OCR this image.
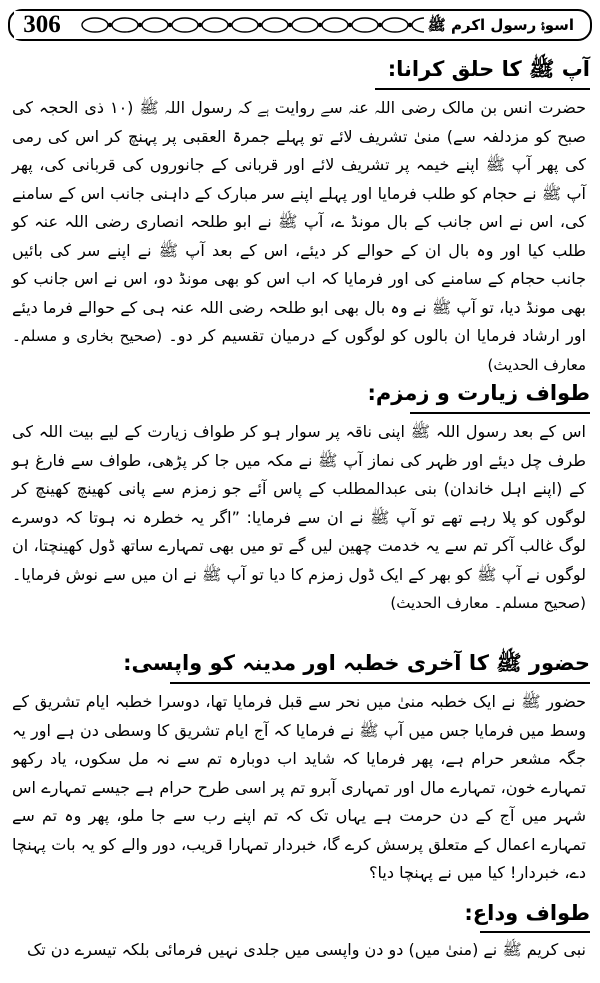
306	اسوۂ رسول اکرم ﷺ
آپ ﷺ کا حلق کرانا:
حضرت انس بن مالک رضی اللہ عنہ سے روایت ہے کہ رسول اللہ ﷺ (۱۰ ذی الحجہ کی صبح کو مزدلفہ سے) منیٰ تشریف لائے تو پہلے جمرۃ العقبی پر پہنچ کر اس کی رمی کی پھر آپ ﷺ اپنے خیمہ پر تشریف لائے اور قربانی کے جانوروں کی قربانی کی، پھر آپ ﷺ نے حجام کو طلب فرمایا اور پہلے اپنے سر مبارک کے داہنی جانب اس کے سامنے کی، اس نے اس جانب کے بال مونڈ ے، آپ ﷺ نے ابو طلحہ انصاری رضی اللہ عنہ کو طلب کیا اور وہ بال ان کے حوالے کر دیئے، اس کے بعد آپ ﷺ نے اپنے سر کی بائیں جانب حجام کے سامنے کی اور فرمایا کہ اب اس کو بھی مونڈ دو، اس نے اس جانب کو بھی مونڈ دیا، تو آپ ﷺ نے وہ بال بھی ابو طلحہ رضی اللہ عنہ ہی کے حوالے فرما دیئے اور ارشاد فرمایا ان بالوں کو لوگوں کے درمیان تقسیم کر دو۔ (صحیح بخاری و مسلم۔ معارف الحدیث)
طواف زیارت و زمزم:
اس کے بعد رسول اللہ ﷺ اپنی ناقہ پر سوار ہو کر طواف زیارت کے لیے بیت اللہ کی طرف چل دیئے اور ظہر کی نماز آپ ﷺ نے مکہ میں جا کر پڑھی، طواف سے فارغ ہو کے (اپنے اہل خاندان) بنی عبدالمطلب کے پاس آئے جو زمزم سے پانی کھینچ کھینچ کر لوگوں کو پلا رہے تھے تو آپ ﷺ نے ان سے فرمایا: ”اگر یہ خطرہ نہ ہوتا کہ دوسرے لوگ غالب آکر تم سے یہ خدمت چھین لیں گے تو میں بھی تمہارے ساتھ ڈول کھینچتا، ان لوگوں نے آپ ﷺ کو بھر کے ایک ڈول زمزم کا دیا تو آپ ﷺ نے ان میں سے نوش فرمایا۔ (صحیح مسلم۔ معارف الحدیث)
حضور ﷺ کا آخری خطبہ اور مدینہ کو واپسی:
حضور ﷺ نے ایک خطبہ منیٰ میں نحر سے قبل فرمایا تھا، دوسرا خطبہ ایام تشریق کے وسط میں فرمایا جس میں آپ ﷺ نے فرمایا کہ آج ایام تشریق کا وسطی دن ہے اور یہ جگہ مشعر حرام ہے، پھر فرمایا کہ شاید اب دوبارہ تم سے نہ مل سکوں، یاد رکھو تمہارے خون، تمہارے مال اور تمہاری آبرو تم پر اسی طرح حرام ہے جیسے تمہارے اس شہر میں آج کے دن حرمت ہے یہاں تک کہ تم اپنے رب سے جا ملو، پھر وہ تم سے تمہارے اعمال کے متعلق پرسش کرے گا، خبردار تمہارا قریب، دور والے کو یہ بات پہنچا دے، خبردار! کیا میں نے پہنچا دیا؟
طواف وداع:
نبی کریم ﷺ نے (منیٰ میں) دو دن واپسی میں جلدی نہیں فرمائی بلکہ تیسرے دن تک
